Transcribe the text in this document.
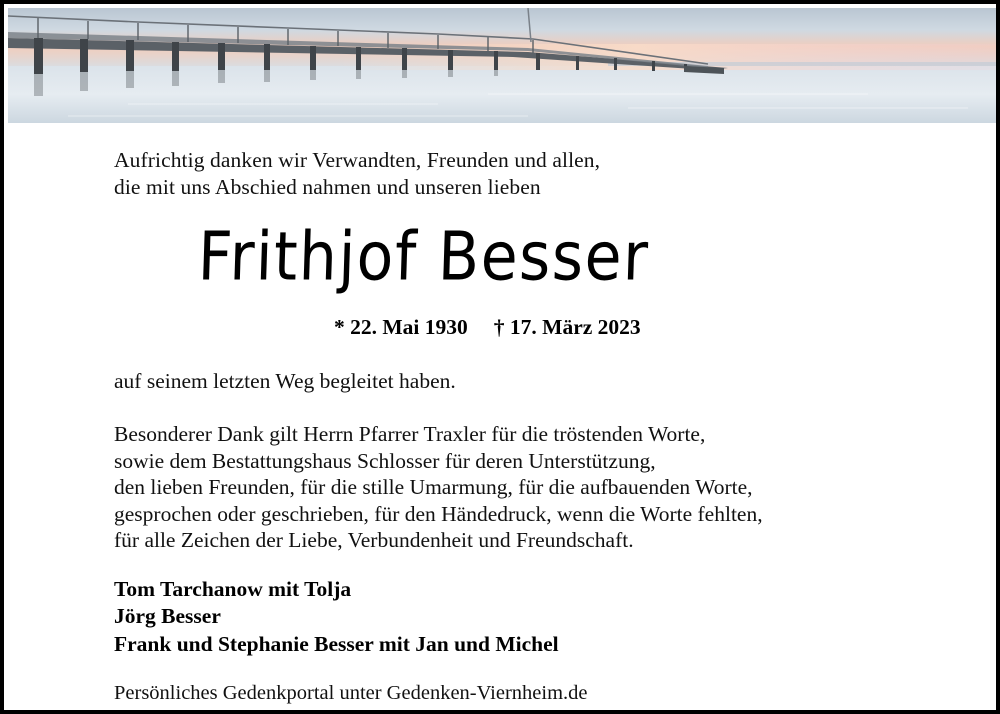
Aufrichtig danken wir Verwandten, Freunden und allen,
die mit uns Abschied nahmen und unseren lieben
Frithjof Besser
* 22. Mai 1930 † 17. März 2023
auf seinem letzten Weg begleitet haben.
Besonderer Dank gilt Herrn Pfarrer Traxler für die tröstenden Worte,
sowie dem Bestattungshaus Schlosser für deren Unterstützung,
den lieben Freunden, für die stille Umarmung, für die aufbauenden Worte,
gesprochen oder geschrieben, für den Händedruck, wenn die Worte fehlten,
für alle Zeichen der Liebe, Verbundenheit und Freundschaft.
Tom Tarchanow mit Tolja
Jörg Besser
Frank und Stephanie Besser mit Jan und Michel
Persönliches Gedenkportal unter Gedenken-Viernheim.de
